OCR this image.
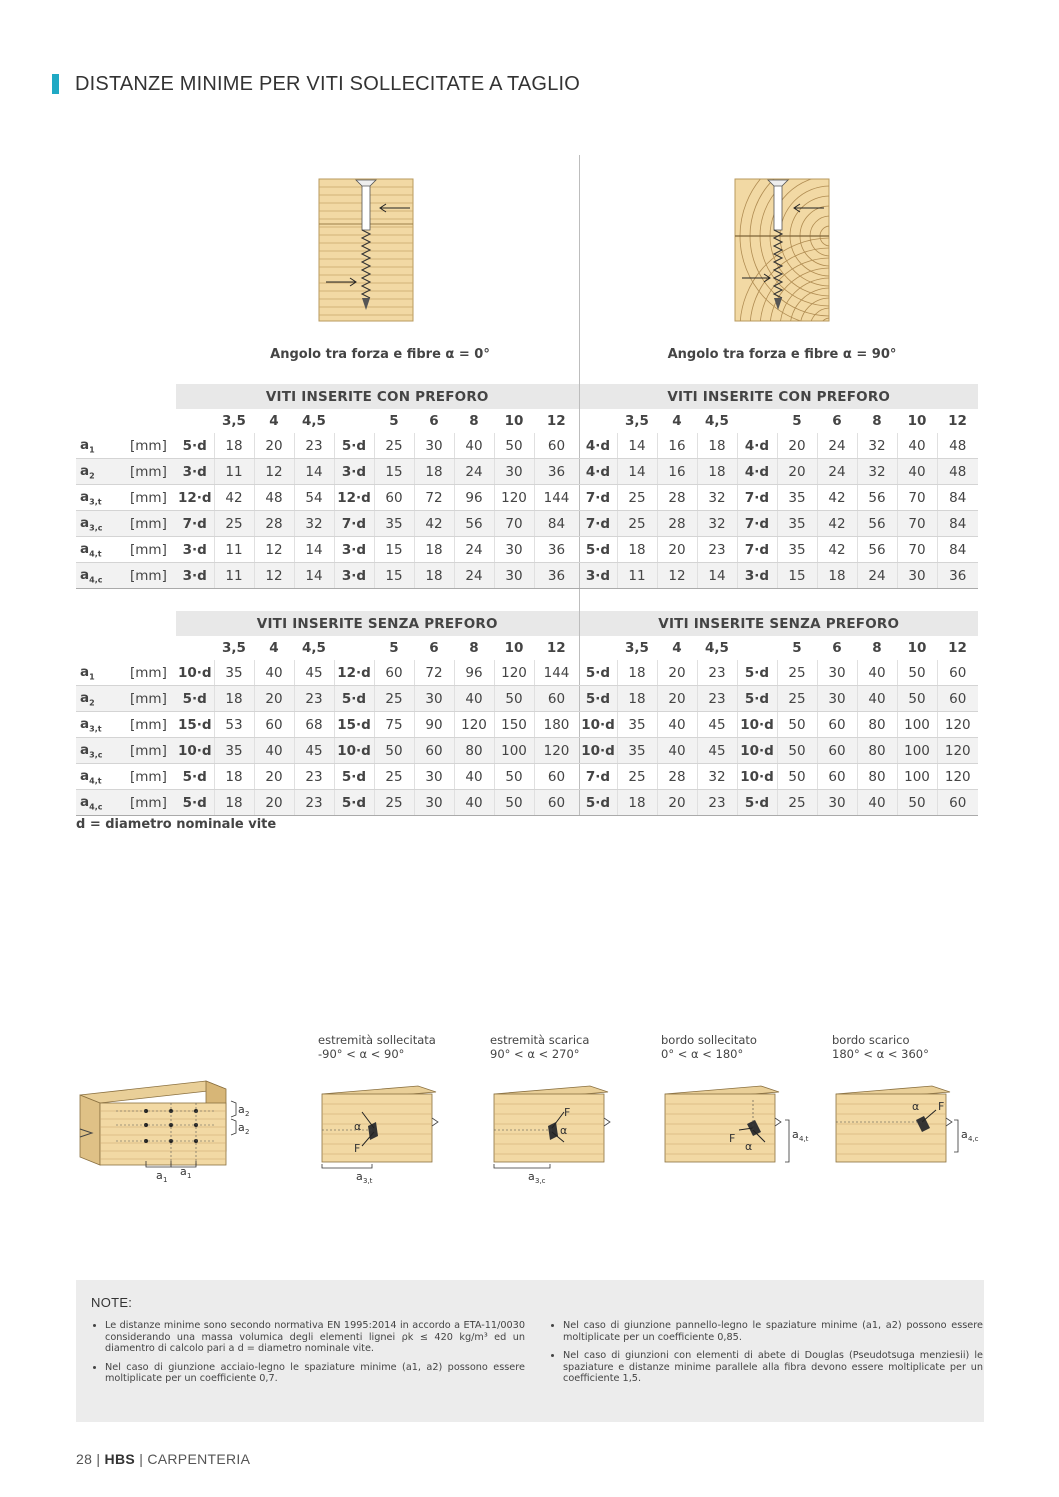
DISTANZE MINIME PER VITI SOLLECITATE A TAGLIO
Angolo tra forza e fibre α = 0°	Angolo tra forza e fibre α = 90°
		VITI INSERITE CON PREFORO										VITI INSERITE CON PREFORO									
			3,5	4	4,5		5	6	8	10	12		3,5	4	4,5		5	6	8	10	12
$a_1$	[mm]	5·d	18	20	23	5·d	25	30	40	50	60	4·d	14	16	18	4·d	20	24	32	40	48
$a_2$	[mm]	3·d	11	12	14	3·d	15	18	24	30	36	4·d	14	16	18	4·d	20	24	32	40	48
$a_{3,t}$	[mm]	12·d	42	48	54	12·d	60	72	96	120	144	7·d	25	28	32	7·d	35	42	56	70	84
$a_{3,c}$	[mm]	7·d	25	28	32	7·d	35	42	56	70	84	7·d	25	28	32	7·d	35	42	56	70	84
$a_{4,t}$	[mm]	3·d	11	12	14	3·d	15	18	24	30	36	5·d	18	20	23	7·d	35	42	56	70	84
$a_{4,c}$	[mm]	3·d	11	12	14	3·d	15	18	24	30	36	3·d	11	12	14	3·d	15	18	24	30	36
		VITI INSERITE SENZA PREFORO										VITI INSERITE SENZA PREFORO									
			3,5	4	4,5		5	6	8	10	12		3,5	4	4,5		5	6	8	10	12
$a_1$	[mm]	10·d	35	40	45	12·d	60	72	96	120	144	5·d	18	20	23	5·d	25	30	40	50	60
$a_2$	[mm]	5·d	18	20	23	5·d	25	30	40	50	60	5·d	18	20	23	5·d	25	30	40	50	60
$a_{3,t}$	[mm]	15·d	53	60	68	15·d	75	90	120	150	180	10·d	35	40	45	10·d	50	60	80	100	120
$a_{3,c}$	[mm]	10·d	35	40	45	10·d	50	60	80	100	120	10·d	35	40	45	10·d	50	60	80	100	120
$a_{4,t}$	[mm]	5·d	18	20	23	5·d	25	30	40	50	60	7·d	25	28	32	10·d	50	60	80	100	120
$a_{4,c}$	[mm]	5·d	18	20	23	5·d	25	30	40	50	60	5·d	18	20	23	5·d	25	30	40	50	60
d = diametro nominale vite
a 2
a 2
a 1
a 1
estremità sollecitata
-90° < α < 90°
estremità scarica
90° < α < 270°
bordo sollecitato
0° < α < 180°
bordo scarico
180° < α < 360°
α
F
a 3,t
F
α
a 3,c
F
α
a 4,t
F
α
a 4,c
NOTE:
• Le distanze minime sono secondo normativa EN 1995:2014 in accordo a ETA-11/0030 considerando una massa volumica degli elementi lignei ρk ≤ 420 kg/m³ ed un diamentro di calcolo pari a d = diametro nominale vite.
• Nel caso di giunzione acciaio-legno le spaziature minime (a1, a2) possono essere moltiplicate per un coefficiente 0,7.
• Nel caso di giunzione pannello-legno le spaziature minime (a1, a2) possono essere moltiplicate per un coefficiente 0,85.
• Nel caso di giunzioni con elementi di abete di Douglas (Pseudotsuga menziesii) le spaziature e distanze minime parallele alla fibra devono essere moltiplicate per un coefficiente 1,5.
28 | HBS | CARPENTERIA
